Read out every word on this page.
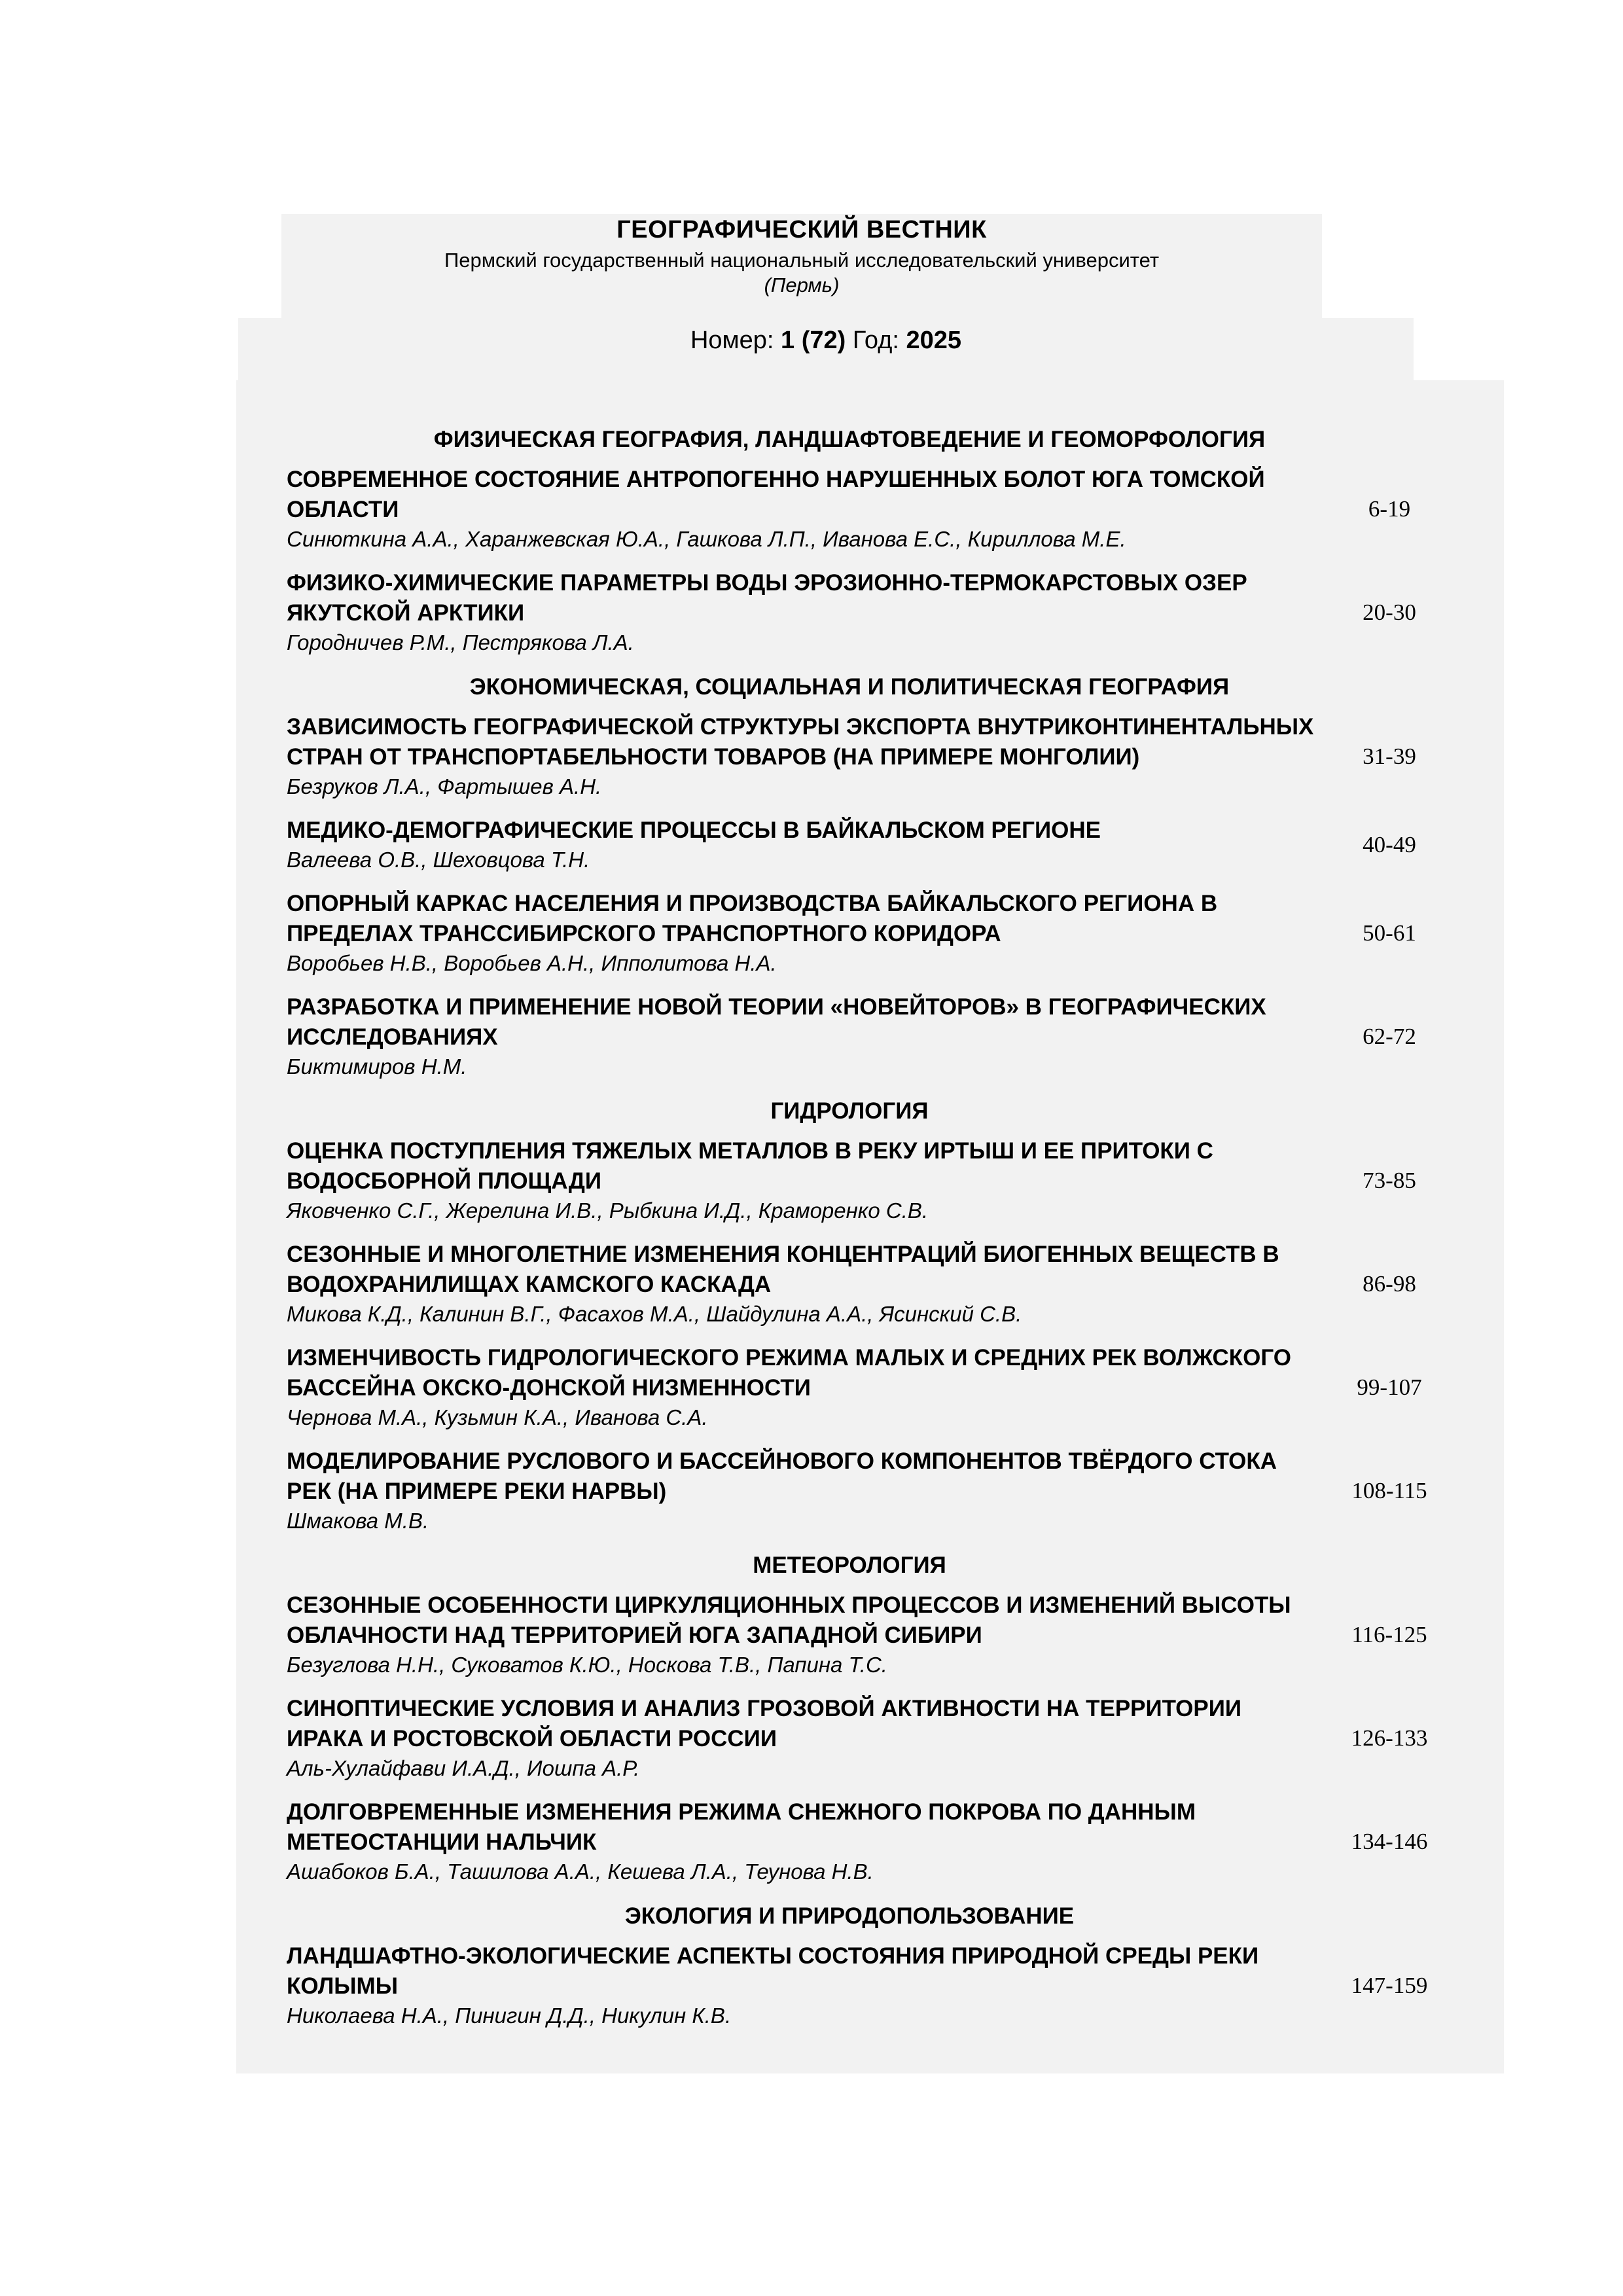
ГЕОГРАФИЧЕСКИЙ ВЕСТНИК
Пермский государственный национальный исследовательский университет
(Пермь)
Номер: 1 (72) Год: 2025
ФИЗИЧЕСКАЯ ГЕОГРАФИЯ, ЛАНДШАФТОВЕДЕНИЕ И ГЕОМОРФОЛОГИЯ
СОВРЕМЕННОЕ СОСТОЯНИЕ АНТРОПОГЕННО НАРУШЕННЫХ БОЛОТ ЮГА ТОМСКОЙ ОБЛАСТИ
Синюткина А.А., Харанжевская Ю.А., Гашкова Л.П., Иванова Е.С., Кириллова М.Е.
6-19
ФИЗИКО-ХИМИЧЕСКИЕ ПАРАМЕТРЫ ВОДЫ ЭРОЗИОННО-ТЕРМОКАРСТОВЫХ ОЗЕР ЯКУТСКОЙ АРКТИКИ
Городничев Р.М., Пестрякова Л.А.
20-30
ЭКОНОМИЧЕСКАЯ, СОЦИАЛЬНАЯ И ПОЛИТИЧЕСКАЯ ГЕОГРАФИЯ
ЗАВИСИМОСТЬ ГЕОГРАФИЧЕСКОЙ СТРУКТУРЫ ЭКСПОРТА ВНУТРИКОНТИНЕНТАЛЬНЫХ СТРАН ОТ ТРАНСПОРТАБЕЛЬНОСТИ ТОВАРОВ (НА ПРИМЕРЕ МОНГОЛИИ)
Безруков Л.А., Фартышев А.Н.
31-39
МЕДИКО-ДЕМОГРАФИЧЕСКИЕ ПРОЦЕССЫ В БАЙКАЛЬСКОМ РЕГИОНЕ
Валеева О.В., Шеховцова Т.Н.
40-49
ОПОРНЫЙ КАРКАС НАСЕЛЕНИЯ И ПРОИЗВОДСТВА БАЙКАЛЬСКОГО РЕГИОНА В ПРЕДЕЛАХ ТРАНССИБИРСКОГО ТРАНСПОРТНОГО КОРИДОРА
Воробьев Н.В., Воробьев А.Н., Ипполитова Н.А.
50-61
РАЗРАБОТКА И ПРИМЕНЕНИЕ НОВОЙ ТЕОРИИ «НОВЕЙТОРОВ» В ГЕОГРАФИЧЕСКИХ ИССЛЕДОВАНИЯХ
Биктимиров Н.М.
62-72
ГИДРОЛОГИЯ
ОЦЕНКА ПОСТУПЛЕНИЯ ТЯЖЕЛЫХ МЕТАЛЛОВ В РЕКУ ИРТЫШ И ЕЕ ПРИТОКИ С ВОДОСБОРНОЙ ПЛОЩАДИ
Яковченко С.Г., Жерелина И.В., Рыбкина И.Д., Краморенко С.В.
73-85
СЕЗОННЫЕ И МНОГОЛЕТНИЕ ИЗМЕНЕНИЯ КОНЦЕНТРАЦИЙ БИОГЕННЫХ ВЕЩЕСТВ В ВОДОХРАНИЛИЩАХ КАМСКОГО КАСКАДА
Микова К.Д., Калинин В.Г., Фасахов М.А., Шайдулина А.А., Ясинский С.В.
86-98
ИЗМЕНЧИВОСТЬ ГИДРОЛОГИЧЕСКОГО РЕЖИМА МАЛЫХ И СРЕДНИХ РЕК ВОЛЖСКОГО БАССЕЙНА ОКСКО-ДОНСКОЙ НИЗМЕННОСТИ
Чернова М.А., Кузьмин К.А., Иванова С.А.
99-107
МОДЕЛИРОВАНИЕ РУСЛОВОГО И БАССЕЙНОВОГО КОМПОНЕНТОВ ТВЁРДОГО СТОКА РЕК (НА ПРИМЕРЕ РЕКИ НАРВЫ)
Шмакова М.В.
108-115
МЕТЕОРОЛОГИЯ
СЕЗОННЫЕ ОСОБЕННОСТИ ЦИРКУЛЯЦИОННЫХ ПРОЦЕССОВ И ИЗМЕНЕНИЙ ВЫСОТЫ ОБЛАЧНОСТИ НАД ТЕРРИТОРИЕЙ ЮГА ЗАПАДНОЙ СИБИРИ
Безуглова Н.Н., Суковатов К.Ю., Носкова Т.В., Папина Т.С.
116-125
СИНОПТИЧЕСКИЕ УСЛОВИЯ И АНАЛИЗ ГРОЗОВОЙ АКТИВНОСТИ НА ТЕРРИТОРИИ ИРАКА И РОСТОВСКОЙ ОБЛАСТИ РОССИИ
Аль-Хулайфави И.А.Д., Иошпа А.Р.
126-133
ДОЛГОВРЕМЕННЫЕ ИЗМЕНЕНИЯ РЕЖИМА СНЕЖНОГО ПОКРОВА ПО ДАННЫМ МЕТЕОСТАНЦИИ НАЛЬЧИК
Ашабоков Б.А., Ташилова А.А., Кешева Л.А., Теунова Н.В.
134-146
ЭКОЛОГИЯ И ПРИРОДОПОЛЬЗОВАНИЕ
ЛАНДШАФТНО-ЭКОЛОГИЧЕСКИЕ АСПЕКТЫ СОСТОЯНИЯ ПРИРОДНОЙ СРЕДЫ РЕКИ КОЛЫМЫ
Николаева Н.А., Пинигин Д.Д., Никулин К.В.
147-159
